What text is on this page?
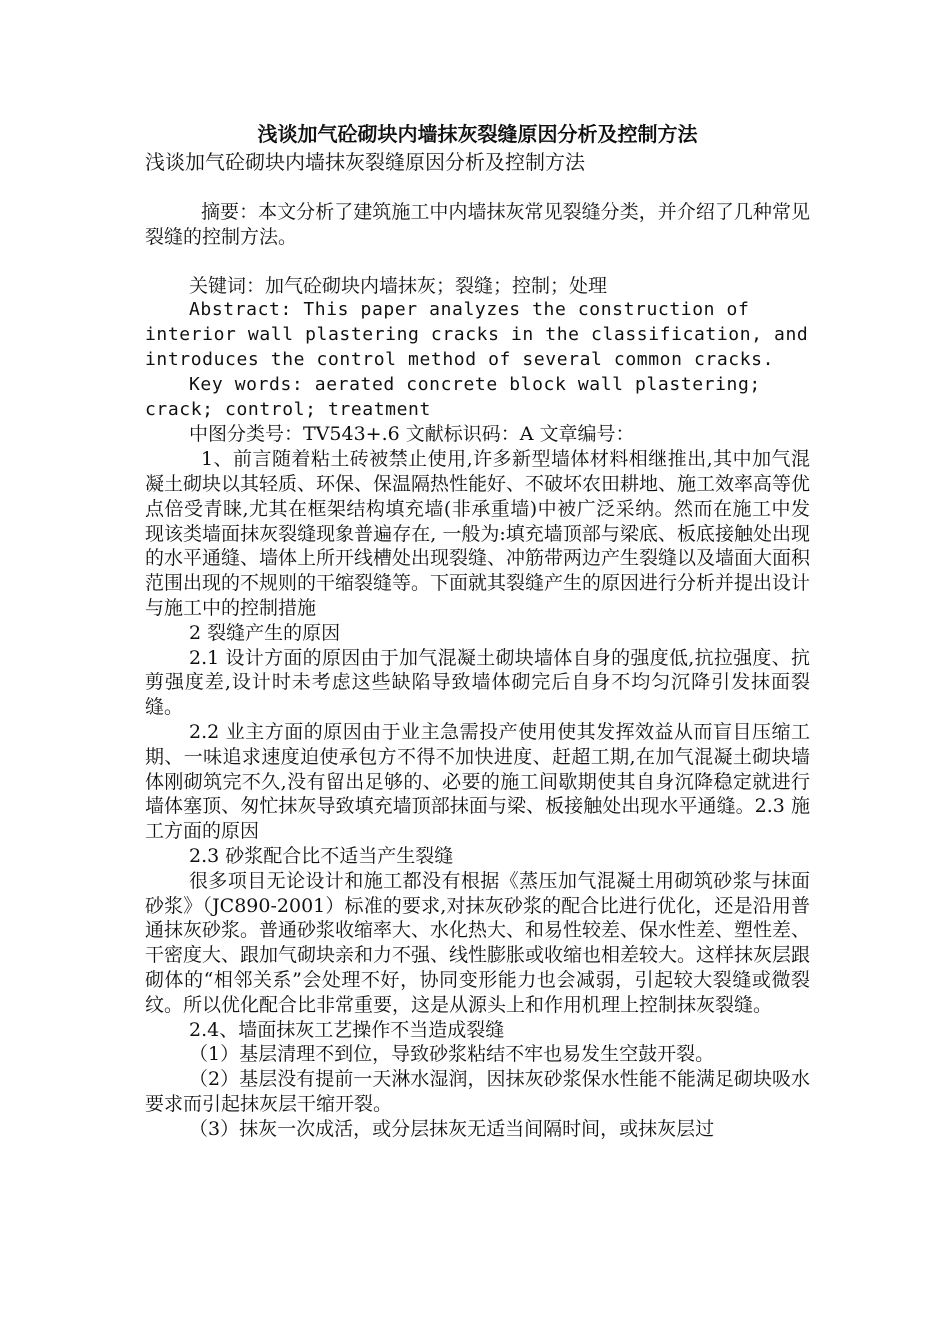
浅谈加气砼砌块内墙抹灰裂缝原因分析及控制方法

浅谈加气砼砌块内墙抹灰裂缝原因分析及控制方法

摘要：本文分析了建筑施工中内墙抹灰常见裂缝分类，并介绍了几种常见裂缝的控制方法。

关键词：加气砼砌块内墙抹灰；裂缝；控制；处理

Abstract: This paper analyzes the construction of interior wall plastering cracks in the classification, and introduces the control method of several common cracks.

Key words: aerated concrete block wall plastering; crack; control; treatment

中图分类号：TV543+.6 文献标识码：A 文章编号：

1、前言随着粘土砖被禁止使用,许多新型墙体材料相继推出,其中加气混凝土砌块以其轻质、环保、保温隔热性能好、不破坏农田耕地、施工效率高等优点倍受青睐,尤其在框架结构填充墙(非承重墙)中被广泛采纳。然而在施工中发现该类墙面抹灰裂缝现象普遍存在, 一般为:填充墙顶部与梁底、板底接触处出现的水平通缝、墙体上所开线槽处出现裂缝、冲筋带两边产生裂缝以及墙面大面积范围出现的不规则的干缩裂缝等。下面就其裂缝产生的原因进行分析并提出设计与施工中的控制措施

2 裂缝产生的原因

2.1 设计方面的原因由于加气混凝土砌块墙体自身的强度低,抗拉强度、抗剪强度差,设计时未考虑这些缺陷导致墙体砌完后自身不均匀沉降引发抹面裂缝。

2.2 业主方面的原因由于业主急需投产使用使其发挥效益从而盲目压缩工期、一味追求速度迫使承包方不得不加快进度、赶超工期,在加气混凝土砌块墙体刚砌筑完不久,没有留出足够的、必要的施工间歇期使其自身沉降稳定就进行墙体塞顶、匆忙抹灰导致填充墙顶部抹面与梁、板接触处出现水平通缝。2.3 施工方面的原因

2.3 砂浆配合比不适当产生裂缝

很多项目无论设计和施工都没有根据《蒸压加气混凝土用砌筑砂浆与抹面砂浆》（JC890-2001）标准的要求,对抹灰砂浆的配合比进行优化，还是沿用普通抹灰砂浆。普通砂浆收缩率大、水化热大、和易性较差、保水性差、塑性差、干密度大、跟加气砌块亲和力不强、线性膨胀或收缩也相差较大。这样抹灰层跟砌体的“相邻关系”会处理不好，协同变形能力也会减弱，引起较大裂缝或微裂纹。所以优化配合比非常重要，这是从源头上和作用机理上控制抹灰裂缝。

2.4、墙面抹灰工艺操作不当造成裂缝

（1）基层清理不到位，导致砂浆粘结不牢也易发生空鼓开裂。

（2）基层没有提前一天淋水湿润，因抹灰砂浆保水性能不能满足砌块吸水要求而引起抹灰层干缩开裂。

（3）抹灰一次成活，或分层抹灰无适当间隔时间，或抹灰层过
